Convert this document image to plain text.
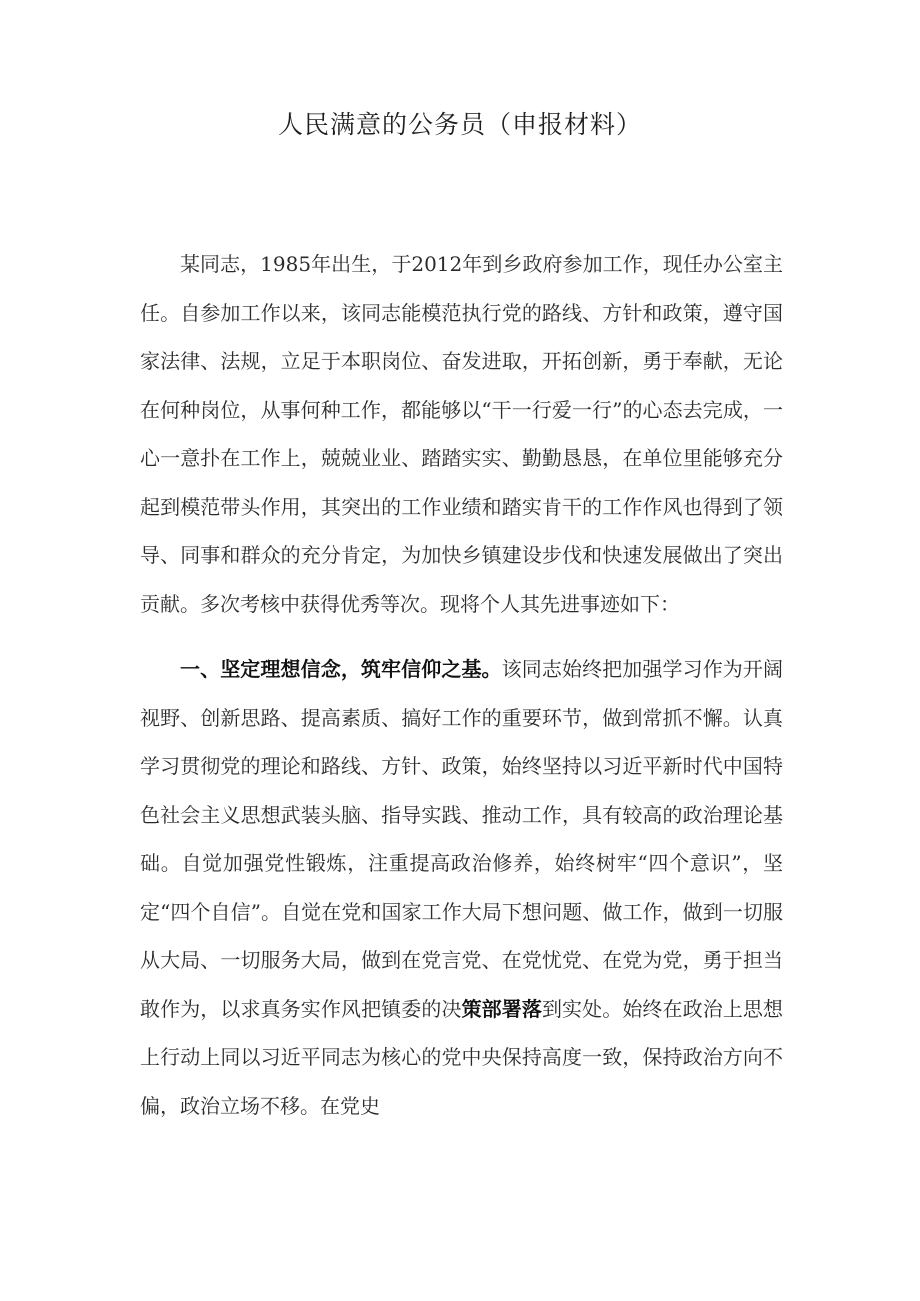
人民满意的公务员（申报材料）

某同志，1985年出生，于2012年到乡政府参加工作，现任办公室主任。自参加工作以来，该同志能模范执行党的路线、方针和政策，遵守国家法律、法规，立足于本职岗位、奋发进取，开拓创新，勇于奉献，无论在何种岗位，从事何种工作，都能够以“干一行爱一行”的心态去完成，一心一意扑在工作上，兢兢业业、踏踏实实、勤勤恳恳，在单位里能够充分起到模范带头作用，其突出的工作业绩和踏实肯干的工作作风也得到了领导、同事和群众的充分肯定，为加快乡镇建设步伐和快速发展做出了突出贡献。多次考核中获得优秀等次。现将个人其先进事迹如下：

一、坚定理想信念，筑牢信仰之基。该同志始终把加强学习作为开阔视野、创新思路、提高素质、搞好工作的重要环节，做到常抓不懈。认真学习贯彻党的理论和路线、方针、政策，始终坚持以习近平新时代中国特色社会主义思想武装头脑、指导实践、推动工作，具有较高的政治理论基础。自觉加强党性锻炼，注重提高政治修养，始终树牢“四个意识”，坚定“四个自信”。自觉在党和国家工作大局下想问题、做工作，做到一切服从大局、一切服务大局，做到在党言党、在党忧党、在党为党，勇于担当敢作为，以求真务实作风把镇委的决策部署落到实处。始终在政治上思想上行动上同以习近平同志为核心的党中央保持高度一致，保持政治方向不偏，政治立场不移。在党史
